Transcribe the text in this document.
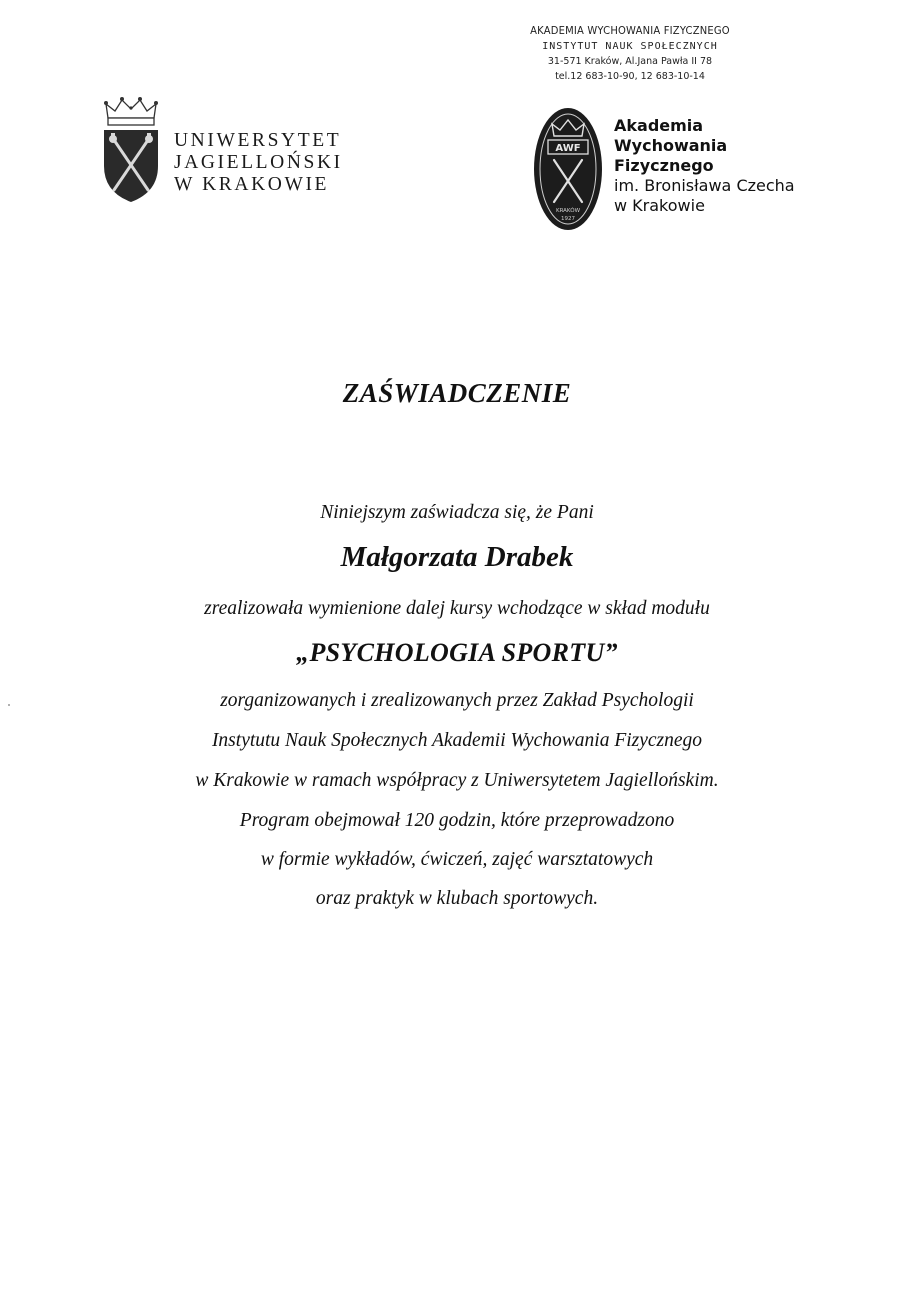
UNIWERSYTET
JAGIELLOŃSKI
W KRAKOWIE
AKADEMIA WYCHOWANIA FIZYCZNEGO
INSTYTUT NAUK SPOŁECZNYCH
31-571 Kraków, Al.Jana Pawła II 78
tel.12 683-10-90, 12 683-10-14
AWF
KRAKÓW
1927
Akademia
Wychowania
Fizycznego
im. Bronisława Czecha
w Krakowie
ZAŚWIADCZENIE
Niniejszym zaświadcza się, że Pani
Małgorzata Drabek
zrealizowała wymienione dalej kursy wchodzące w skład modułu
„PSYCHOLOGIA SPORTU”
zorganizowanych i zrealizowanych przez Zakład Psychologii
Instytutu Nauk Społecznych Akademii Wychowania Fizycznego
w Krakowie w ramach współpracy z Uniwersytetem Jagiellońskim.
Program obejmował 120 godzin, które przeprowadzono
w formie wykładów, ćwiczeń, zajęć warsztatowych
oraz praktyk w klubach sportowych.
